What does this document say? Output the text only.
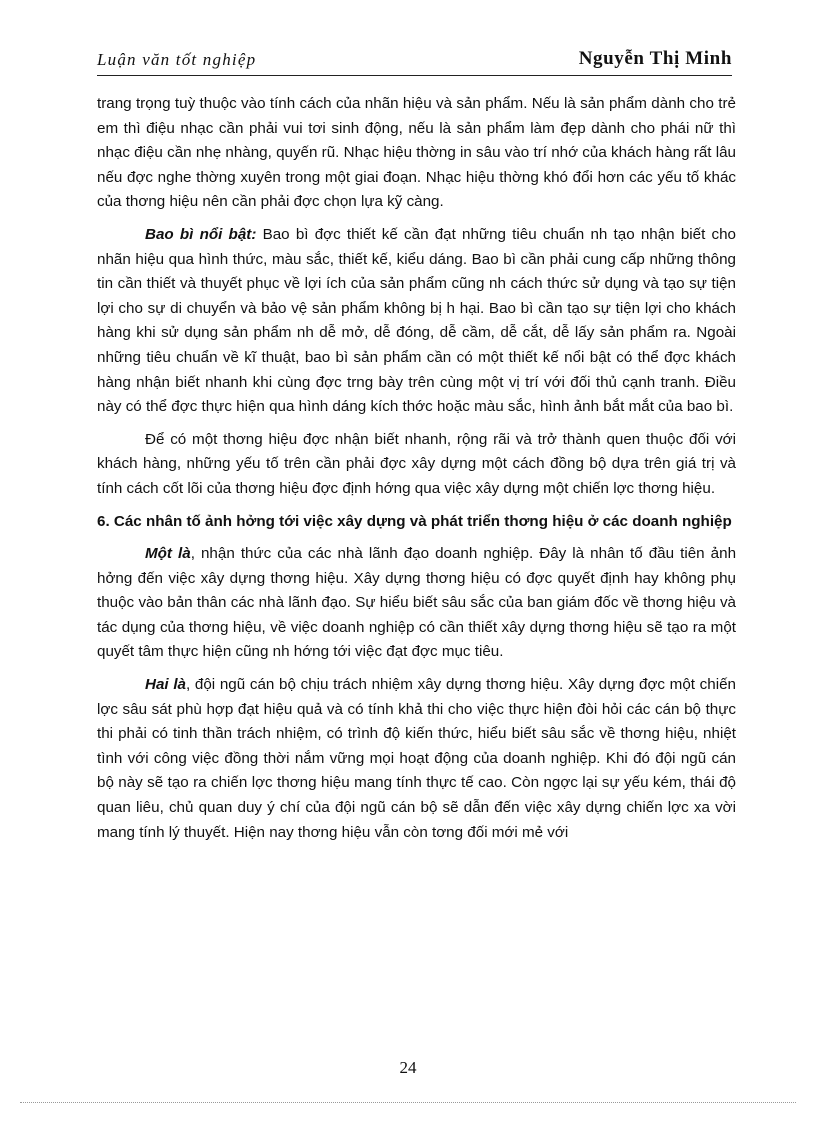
Luận văn tốt nghiệp	Nguyễn Thị Minh

trang trọng tuỳ thuộc vào tính cách của nhãn hiệu và sản phẩm. Nếu là sản phẩm dành cho trẻ em thì điệu nhạc cần phải vui tơi sinh động, nếu là sản phẩm làm đẹp dành cho phái nữ thì nhạc điệu cần nhẹ nhàng, quyến rũ. Nhạc hiệu thờng in sâu vào trí nhớ của khách hàng rất lâu nếu đợc nghe thờng xuyên trong một giai đoạn. Nhạc hiệu thờng khó đổi hơn các yếu tố khác của thơng hiệu nên cần phải đợc chọn lựa kỹ càng.

Bao bì nổi bật: Bao bì đợc thiết kế cần đạt những tiêu chuẩn nh tạo nhận biết cho nhãn hiệu qua hình thức, màu sắc, thiết kế, kiểu dáng. Bao bì cần phải cung cấp những thông tin cần thiết và thuyết phục về lợi ích của sản phẩm cũng nh cách thức sử dụng và tạo sự tiện lợi cho sự di chuyển và bảo vệ sản phẩm không bị h hại. Bao bì cần tạo sự tiện lợi cho khách hàng khi sử dụng sản phẩm nh dễ mở, dễ đóng, dễ cầm, dễ cắt, dễ lấy sản phẩm ra. Ngoài những tiêu chuẩn về kĩ thuật, bao bì sản phẩm cần có một thiết kế nổi bật có thể đợc khách hàng nhận biết nhanh khi cùng đợc trng bày trên cùng một vị trí với đối thủ cạnh tranh. Điều này có thể đợc thực hiện qua hình dáng kích thớc hoặc màu sắc, hình ảnh bắt mắt của bao bì.

Để có một thơng hiệu đợc nhận biết nhanh, rộng rãi và trở thành quen thuộc đối với khách hàng, những yếu tố trên cần phải đợc xây dựng một cách đồng bộ dựa trên giá trị và tính cách cốt lõi của thơng hiệu đợc định hớng qua việc xây dựng một chiến lợc thơng hiệu.

6. Các nhân tố ảnh hởng tới việc xây dựng và phát triển thơng hiệu ở các doanh nghiệp

Một là, nhận thức của các nhà lãnh đạo doanh nghiệp. Đây là nhân tố đầu tiên ảnh hởng đến việc xây dựng thơng hiệu. Xây dựng thơng hiệu có đợc quyết định hay không phụ thuộc vào bản thân các nhà lãnh đạo. Sự hiểu biết sâu sắc của ban giám đốc về thơng hiệu và tác dụng của thơng hiệu, về việc doanh nghiệp có cần thiết xây dựng thơng hiệu sẽ tạo ra một quyết tâm thực hiện cũng nh hớng tới việc đạt đợc mục tiêu.

Hai là, đội ngũ cán bộ chịu trách nhiệm xây dựng thơng hiệu. Xây dựng đợc một chiến lợc sâu sát phù hợp đạt hiệu quả và có tính khả thi cho việc thực hiện đòi hỏi các cán bộ thực thi phải có tinh thần trách nhiệm, có trình độ kiến thức, hiểu biết sâu sắc về thơng hiệu, nhiệt tình với công việc đồng thời nắm vững mọi hoạt động của doanh nghiệp. Khi đó đội ngũ cán bộ này sẽ tạo ra chiến lợc thơng hiệu mang tính thực tế cao. Còn ngợc lại sự yếu kém, thái độ quan liêu, chủ quan duy ý chí của đội ngũ cán bộ sẽ dẫn đến việc xây dựng chiến lợc xa vời mang tính lý thuyết. Hiện nay thơng hiệu vẫn còn tơng đối mới mẻ với

24
